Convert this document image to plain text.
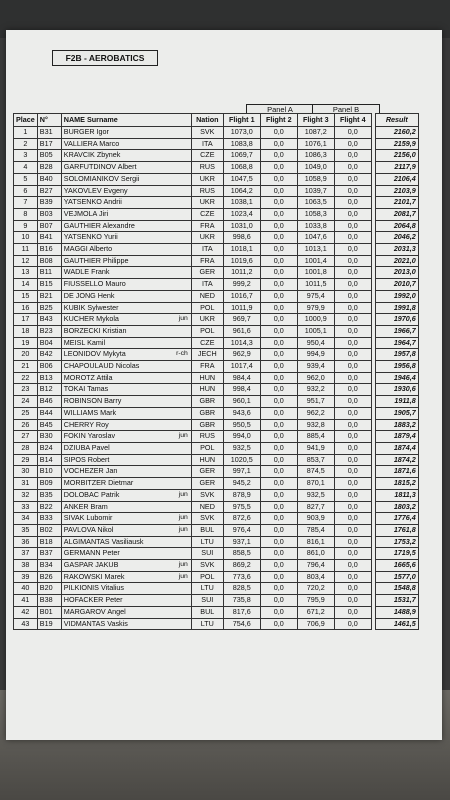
F2B - AEROBATICS
Panel A	Panel B
Place	N°	NAME Surname	Nation	Flight 1	Flight 2	Flight 3	Flight 4		Result
1	B31	BURGER Igor	SVK	1073,0	0,0	1087,2	0,0		2160,2
2	B17	VALLIERA Marco	ITA	1083,8	0,0	1076,1	0,0		2159,9
3	B05	KRAVCIK Zbynek	CZE	1069,7	0,0	1086,3	0,0		2156,0
4	B28	GARFUTDINOV Albert	RUS	1068,8	0,0	1049,0	0,0		2117,9
5	B40	SOLOMIANIKOV Sergii	UKR	1047,5	0,0	1058,9	0,0		2106,4
6	B27	YAKOVLEV Evgeny	RUS	1064,2	0,0	1039,7	0,0		2103,9
7	B39	YATSENKO Andrii	UKR	1038,1	0,0	1063,5	0,0		2101,7
8	B03	VEJMOLA Jiri	CZE	1023,4	0,0	1058,3	0,0		2081,7
9	B07	GAUTHIER Alexandre	FRA	1031,0	0,0	1033,8	0,0		2064,8
10	B41	YATSENKO Yurii	UKR	998,6	0,0	1047,6	0,0		2046,2
11	B16	MAGGI Alberto	ITA	1018,1	0,0	1013,1	0,0		2031,3
12	B08	GAUTHIER Philippe	FRA	1019,6	0,0	1001,4	0,0		2021,0
13	B11	WADLE Frank	GER	1011,2	0,0	1001,8	0,0		2013,0
14	B15	FIUSSELLO Mauro	ITA	999,2	0,0	1011,5	0,0		2010,7
15	B21	DE JONG Henk	NED	1016,7	0,0	975,4	0,0		1992,0
16	B25	KUBIK Sylwester	POL	1011,9	0,0	979,9	0,0		1991,8
17	B43	KUCHER Mykola jun	UKR	969,7	0,0	1000,9	0,0		1970,6
18	B23	BORZECKI Kristian	POL	961,6	0,0	1005,1	0,0		1966,7
19	B04	MEISL Kamil	CZE	1014,3	0,0	950,4	0,0		1964,7
20	B42	LEONIDOV Mykyta r-ch	JECH	962,9	0,0	994,9	0,0		1957,8
21	B06	CHAPOULAUD Nicolas	FRA	1017,4	0,0	939,4	0,0		1956,8
22	B13	MOROTZ Attila	HUN	984,4	0,0	962,0	0,0		1946,4
23	B12	TOKAI Tamas	HUN	998,4	0,0	932,2	0,0		1930,6
24	B46	ROBINSON Barry	GBR	960,1	0,0	951,7	0,0		1911,8
25	B44	WILLIAMS Mark	GBR	943,6	0,0	962,2	0,0		1905,7
26	B45	CHERRY Roy	GBR	950,5	0,0	932,8	0,0		1883,2
27	B30	FOKIN Yaroslav jun	RUS	994,0	0,0	885,4	0,0		1879,4
28	B24	DZIUBA Pavel	POL	932,5	0,0	941,9	0,0		1874,4
29	B14	SIPOS Robert	HUN	1020,5	0,0	853,7	0,0		1874,2
30	B10	VOCHEZER Jan	GER	997,1	0,0	874,5	0,0		1871,6
31	B09	MORBITZER Dietmar	GER	945,2	0,0	870,1	0,0		1815,2
32	B35	DOLOBAC Patrik jun	SVK	878,9	0,0	932,5	0,0		1811,3
33	B22	ANKER Bram	NED	975,5	0,0	827,7	0,0		1803,2
34	B33	SIVAK Lubomir jun	SVK	872,6	0,0	903,9	0,0		1776,4
35	B02	PAVLOVA Nikol jun	BUL	976,4	0,0	785,4	0,0		1761,8
36	B18	ALGIMANTAS Vasiliausk	LTU	937,1	0,0	816,1	0,0		1753,2
37	B37	GERMANN Peter	SUI	858,5	0,0	861,0	0,0		1719,5
38	B34	GASPAR JAKUB jun	SVK	869,2	0,0	796,4	0,0		1665,6
39	B26	RAKOWSKI Marek jun	POL	773,6	0,0	803,4	0,0		1577,0
40	B20	PILKIONIS Vitalius	LTU	828,5	0,0	720,2	0,0		1548,8
41	B38	HOFACKER Peter	SUI	735,8	0,0	795,9	0,0		1531,7
42	B01	MARGAROV Angel	BUL	817,6	0,0	671,2	0,0		1488,9
43	B19	VIDMANTAS Vaskis	LTU	754,6	0,0	706,9	0,0		1461,5
